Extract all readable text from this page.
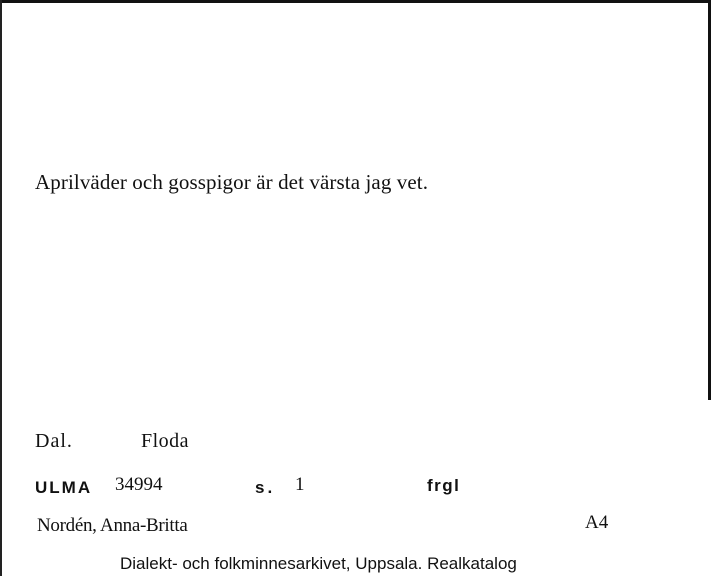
Aprilväder och gosspigor är det värsta jag vet.
Dal.	Floda
ULMA 34994	s. 1	frgl
Nordén, Anna-Britta	A4
Dialekt- och folkminnesarkivet, Uppsala. Realkatalog
